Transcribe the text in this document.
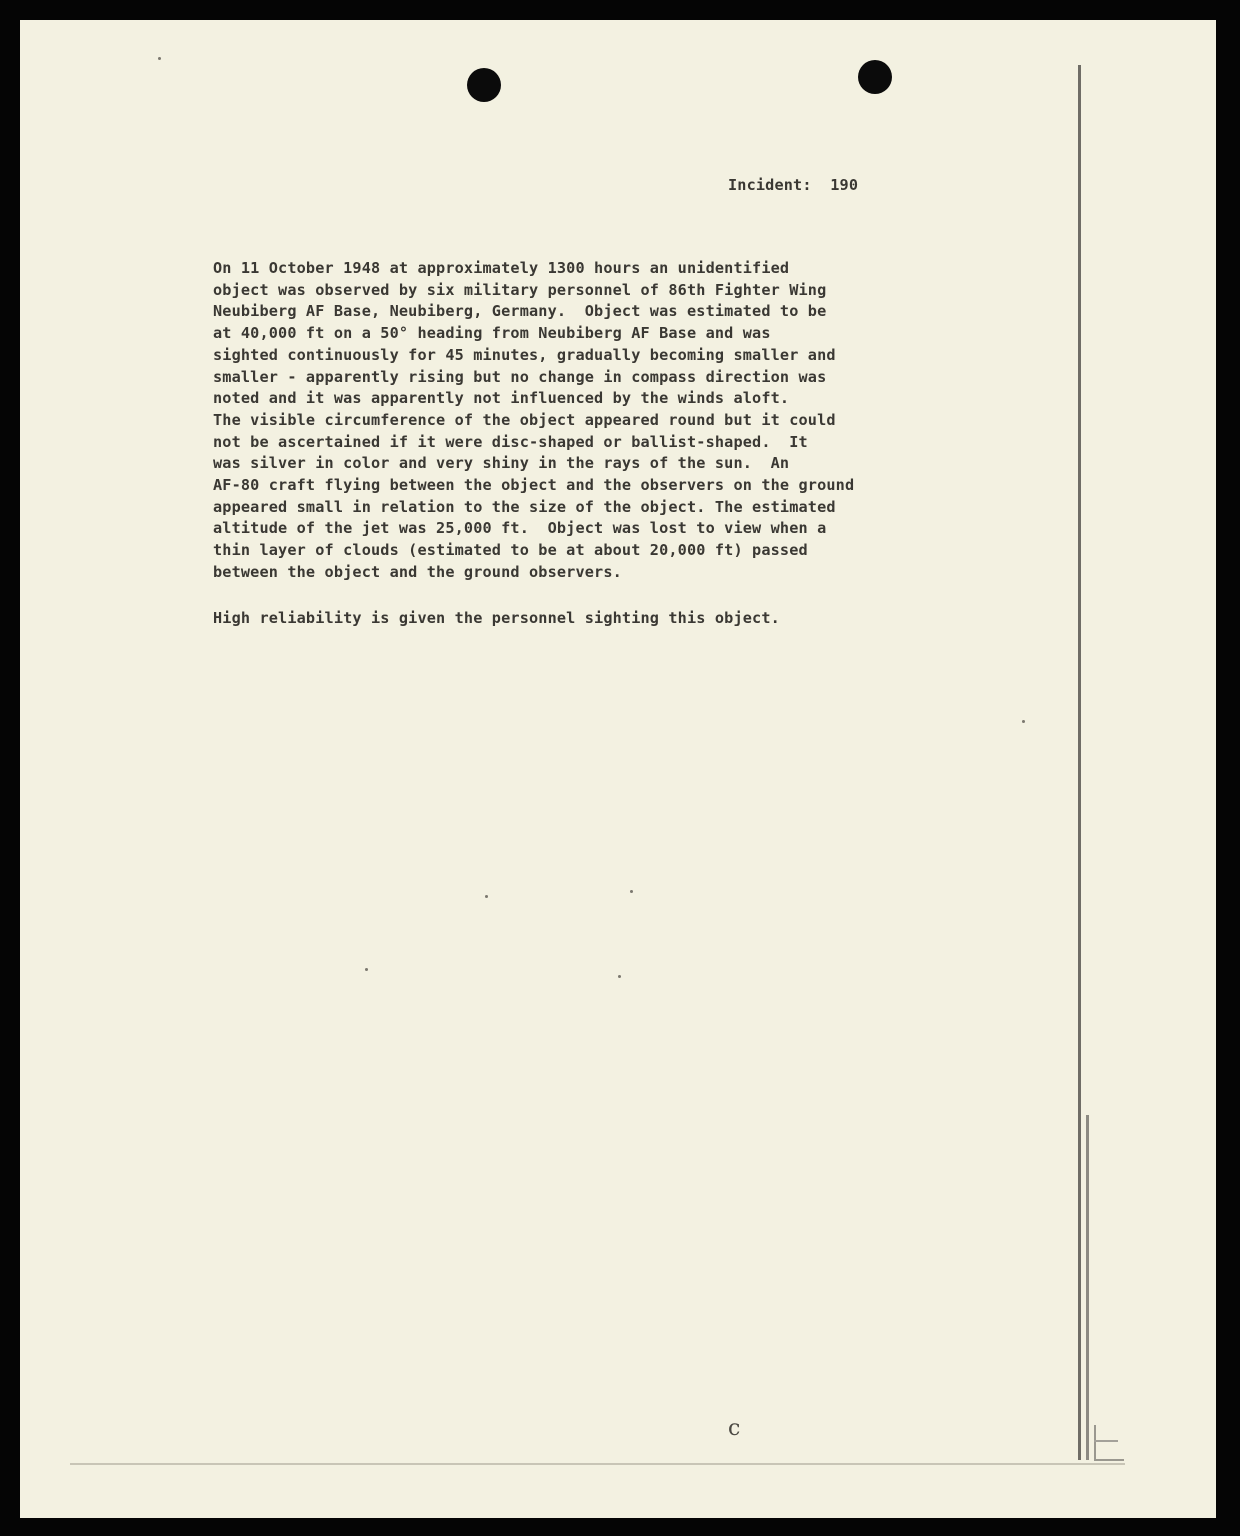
Incident: 190
On 11 October 1948 at approximately 1300 hours an unidentified
object was observed by six military personnel of 86th Fighter Wing
Neubiberg AF Base, Neubiberg, Germany.  Object was estimated to be
at 40,000 ft on a 50° heading from Neubiberg AF Base and was
sighted continuously for 45 minutes, gradually becoming smaller and
smaller - apparently rising but no change in compass direction was
noted and it was apparently not influenced by the winds aloft.
The visible circumference of the object appeared round but it could
not be ascertained if it were disc-shaped or ballist-shaped.  It
was silver in color and very shiny in the rays of the sun.  An
AF-80 craft flying between the object and the observers on the ground
appeared small in relation to the size of the object. The estimated
altitude of the jet was 25,000 ft.  Object was lost to view when a
thin layer of clouds (estimated to be at about 20,000 ft) passed
between the object and the ground observers.
High reliability is given the personnel sighting this object.
c
